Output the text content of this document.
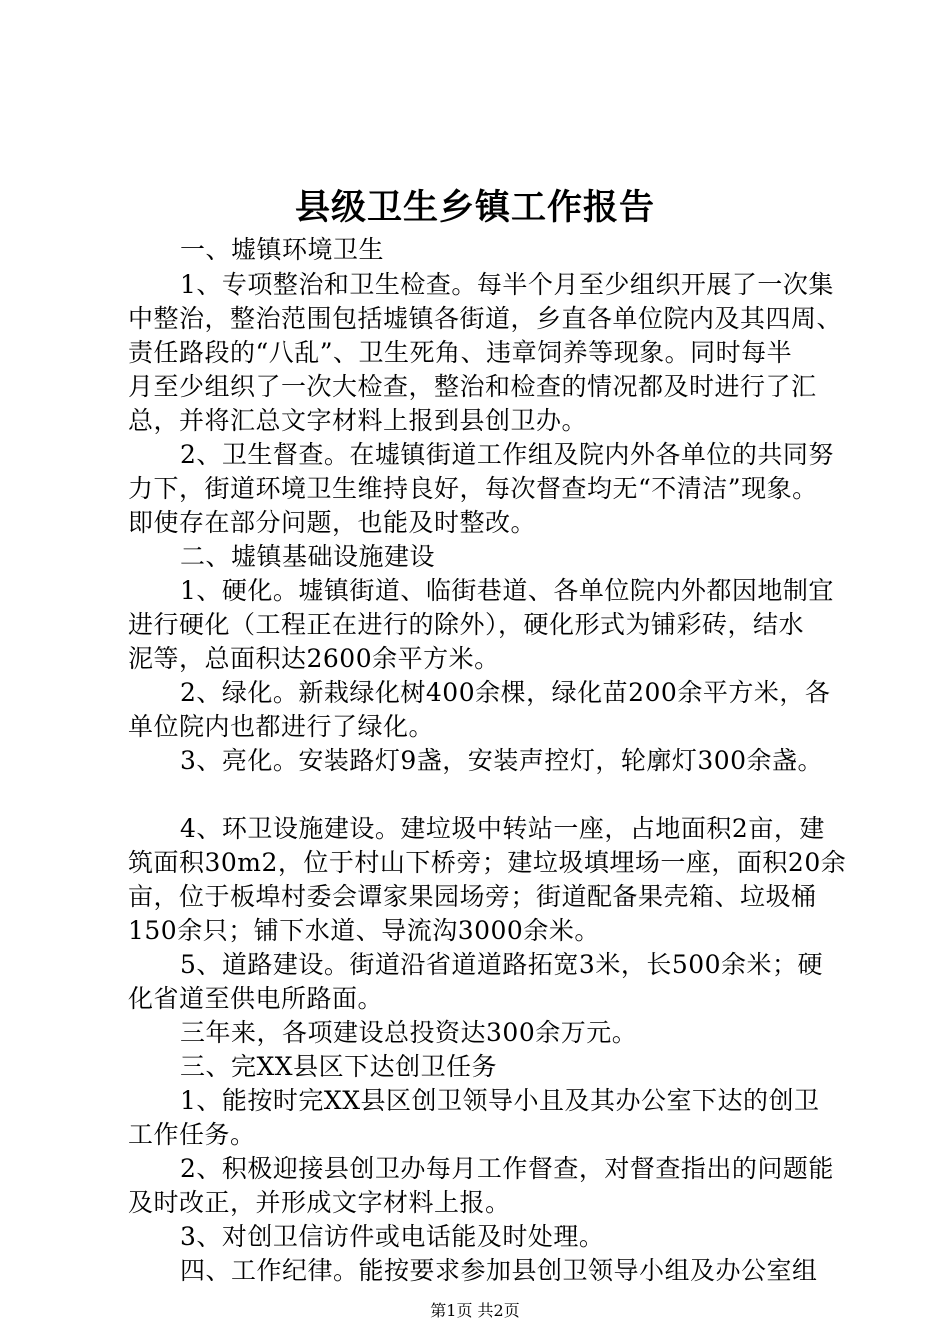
县级卫生乡镇工作报告
一、墟镇环境卫生
1、专项整治和卫生检查。每半个月至少组织开展了一次集
中整治，整治范围包括墟镇各街道，乡直各单位院内及其四周、
责任路段的“八乱”、卫生死角、违章饲养等现象。同时每半
月至少组织了一次大检查，整治和检查的情况都及时进行了汇
总，并将汇总文字材料上报到县创卫办。
2、卫生督查。在墟镇街道工作组及院内外各单位的共同努
力下，街道环境卫生维持良好，每次督查均无“不清洁”现象。
即使存在部分问题，也能及时整改。
二、墟镇基础设施建设
1、硬化。墟镇街道、临街巷道、各单位院内外都因地制宜
进行硬化（工程正在进行的除外），硬化形式为铺彩砖，结水
泥等，总面积达2600余平方米。
2、绿化。新栽绿化树400余棵，绿化苗200余平方米，各
单位院内也都进行了绿化。
3、亮化。安装路灯9盏，安装声控灯，轮廓灯300余盏。
4、环卫设施建设。建垃圾中转站一座，占地面积2亩，建
筑面积30m2，位于村山下桥旁；建垃圾填埋场一座，面积20余
亩，位于板埠村委会谭家果园场旁；街道配备果壳箱、垃圾桶
150余只；铺下水道、导流沟3000余米。
5、道路建设。街道沿省道道路拓宽3米，长500余米；硬
化省道至供电所路面。
三年来，各项建设总投资达300余万元。
三、完XX县区下达创卫任务
1、能按时完XX县区创卫领导小且及其办公室下达的创卫
工作任务。
2、积极迎接县创卫办每月工作督查，对督查指出的问题能
及时改正，并形成文字材料上报。
3、对创卫信访件或电话能及时处理。
四、工作纪律。能按要求参加县创卫领导小组及办公室组
第1页 共2页
